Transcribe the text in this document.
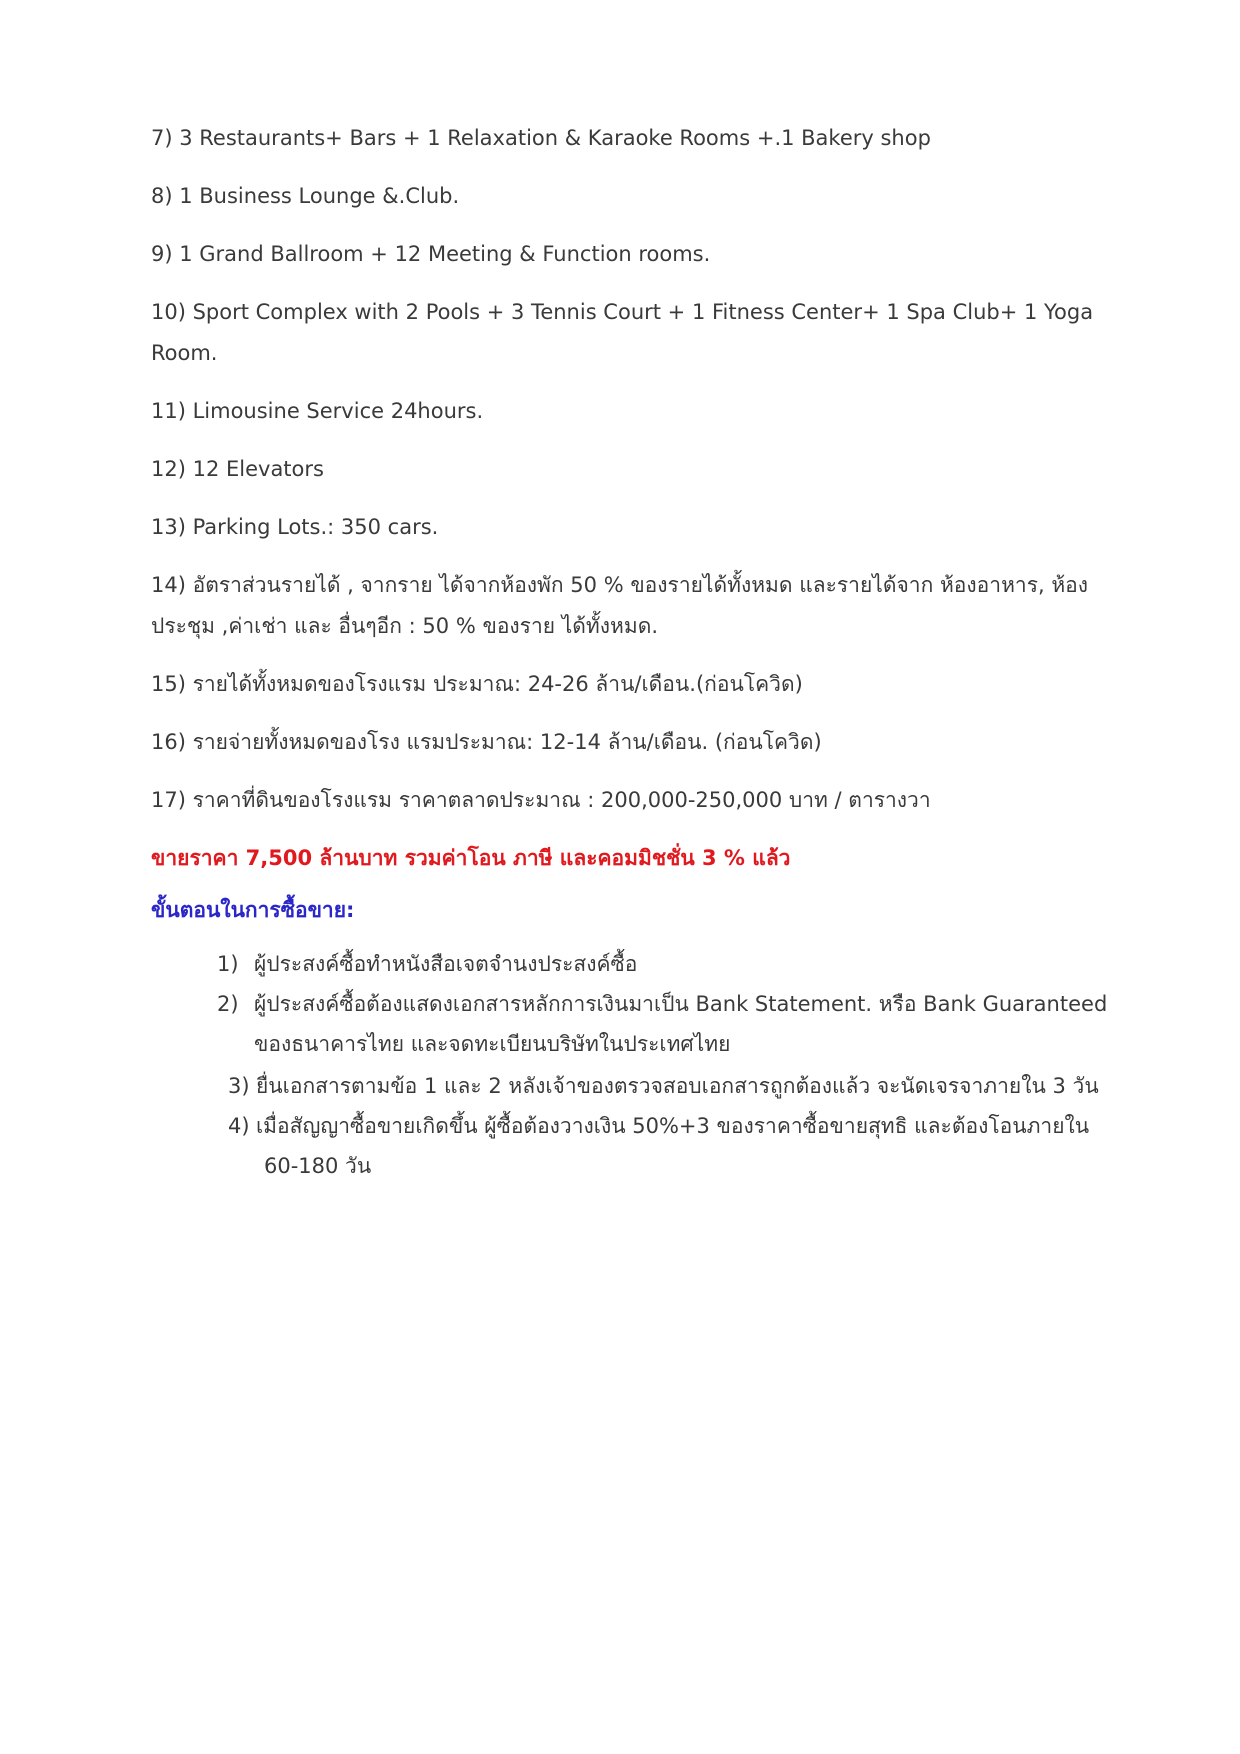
7) 3 Restaurants+ Bars + 1 Relaxation & Karaoke Rooms +.1 Bakery shop
8) 1 Business Lounge &.Club.
9) 1 Grand Ballroom + 12 Meeting & Function rooms.
10) Sport Complex with 2 Pools + 3 Tennis Court + 1 Fitness Center+ 1 Spa Club+ 1 Yoga
Room.
11) Limousine Service 24hours.
12) 12 Elevators
13) Parking Lots.: 350 cars.
14) อัตราส่วนรายได้ , จากราย ได้จากห้องพัก 50 % ของรายได้ทั้งหมด และรายได้จาก ห้องอาหาร, ห้อง
ประชุม ,ค่าเช่า และ อื่นๆอีก : 50 % ของราย ได้ทั้งหมด.
15) รายได้ทั้งหมดของโรงแรม ประมาณ: 24-26 ล้าน/เดือน.(ก่อนโควิด)
16) รายจ่ายทั้งหมดของโรง แรมประมาณ: 12-14 ล้าน/เดือน. (ก่อนโควิด)
17) ราคาที่ดินของโรงแรม ราคาตลาดประมาณ : 200,000-250,000 บาท / ตารางวา
ขายราคา 7,500 ล้านบาท รวมค่าโอน ภาษี และคอมมิชชั่น 3 % แล้ว
ขั้นตอนในการซื้อขาย:
1) ผู้ประสงค์ซื้อทำหนังสือเจตจำนงประสงค์ซื้อ
2) ผู้ประสงค์ซื้อต้องแสดงเอกสารหลักการเงินมาเป็น Bank Statement. หรือ Bank Guaranteed
ของธนาคารไทย และจดทะเบียนบริษัทในประเทศไทย
3) ยื่นเอกสารตามข้อ 1 และ 2 หลังเจ้าของตรวจสอบเอกสารถูกต้องแล้ว จะนัดเจรจาภายใน 3 วัน
4) เมื่อสัญญาซื้อขายเกิดขึ้น ผู้ซื้อต้องวางเงิน 50%+3 ของราคาซื้อขายสุทธิ และต้องโอนภายใน
60-180 วัน
